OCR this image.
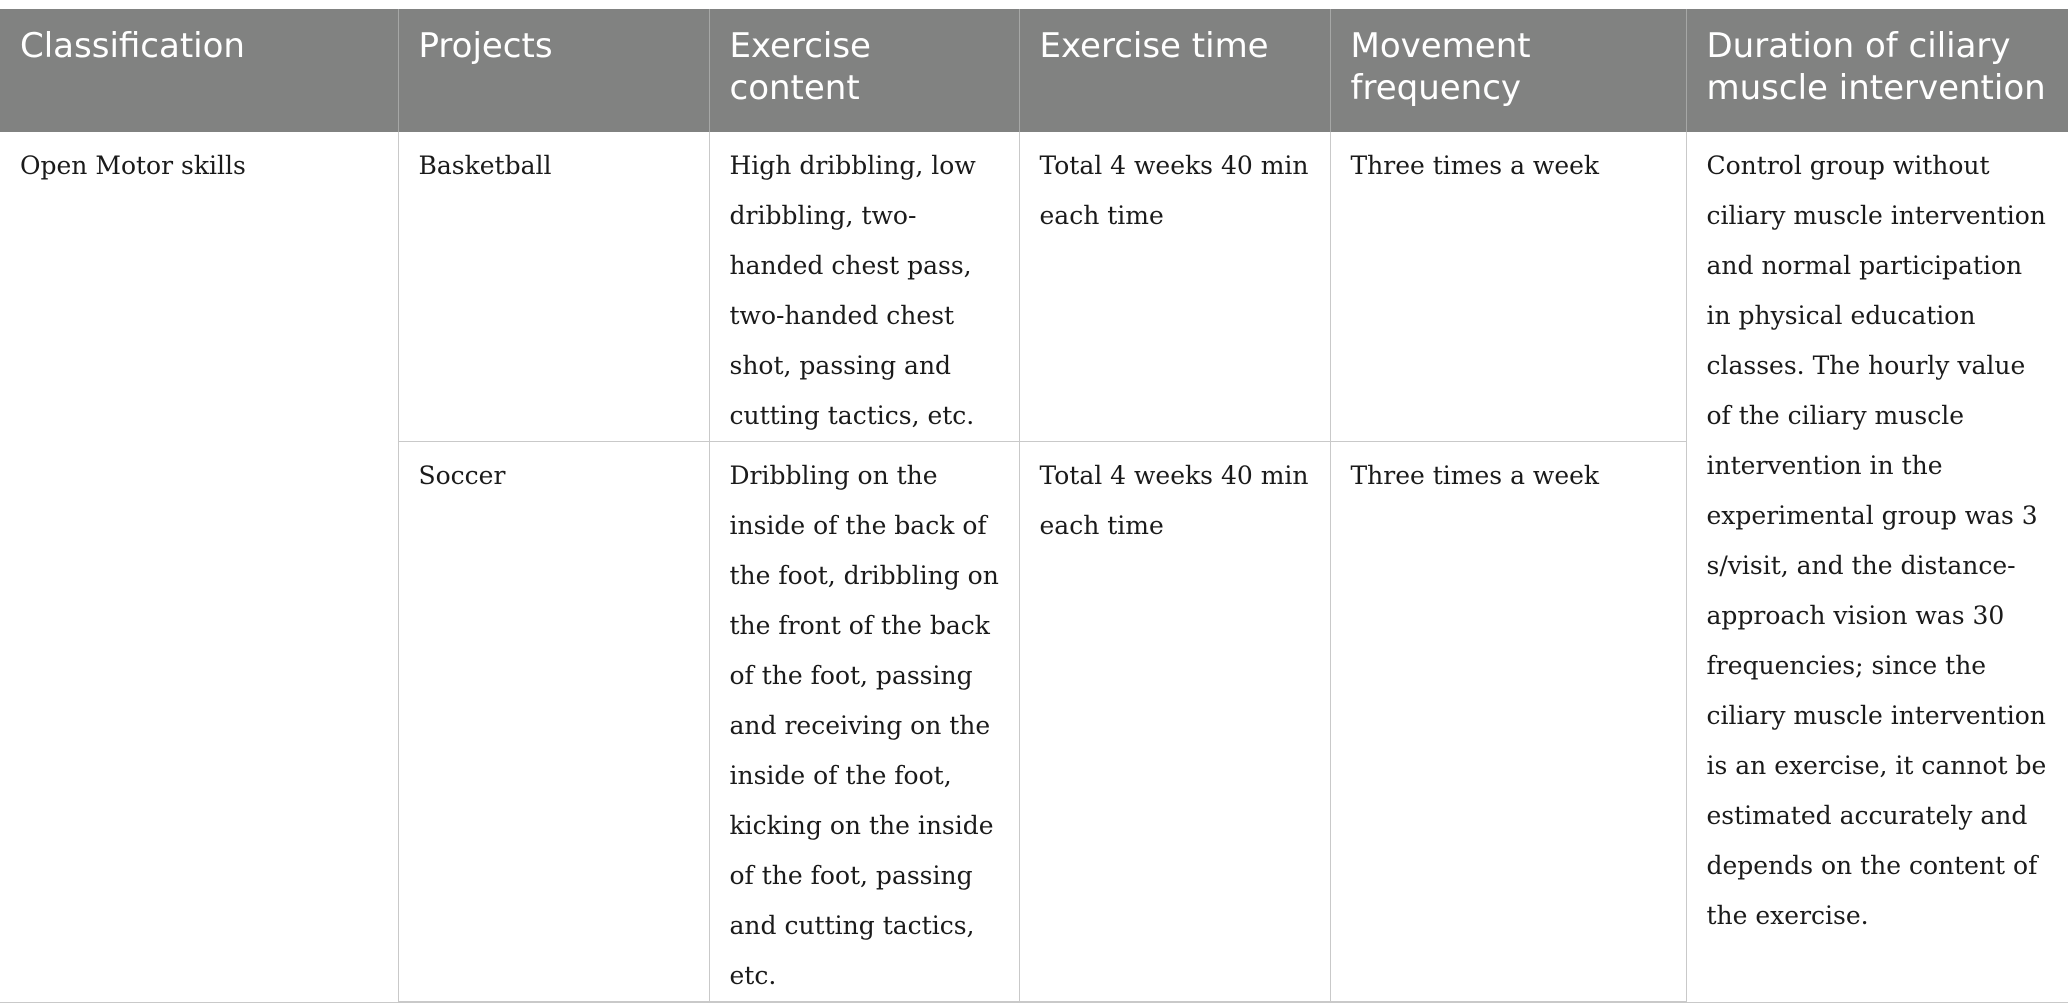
Classification	Projects	Exercise content	Exercise time	Movement frequency	Duration of ciliary muscle intervention
Open Motor skills	Basketball	High dribbling, low dribbling, two-handed chest pass, two-handed chest shot, passing and cutting tactics, etc.	Total 4 weeks 40 min each time	Three times a week	Control group without ciliary muscle intervention and normal participation in physical education classes. The hourly value of the ciliary muscle intervention in the experimental group was 3 s/visit, and the distance-approach vision was 30 frequencies; since the ciliary muscle intervention is an exercise, it cannot be estimated accurately and depends on the content of the exercise.
	Soccer	Dribbling on the inside of the back of the foot, dribbling on the front of the back of the foot, passing and receiving on the inside of the foot, kicking on the inside of the foot, passing and cutting tactics, etc.	Total 4 weeks 40 min each time	Three times a week	
